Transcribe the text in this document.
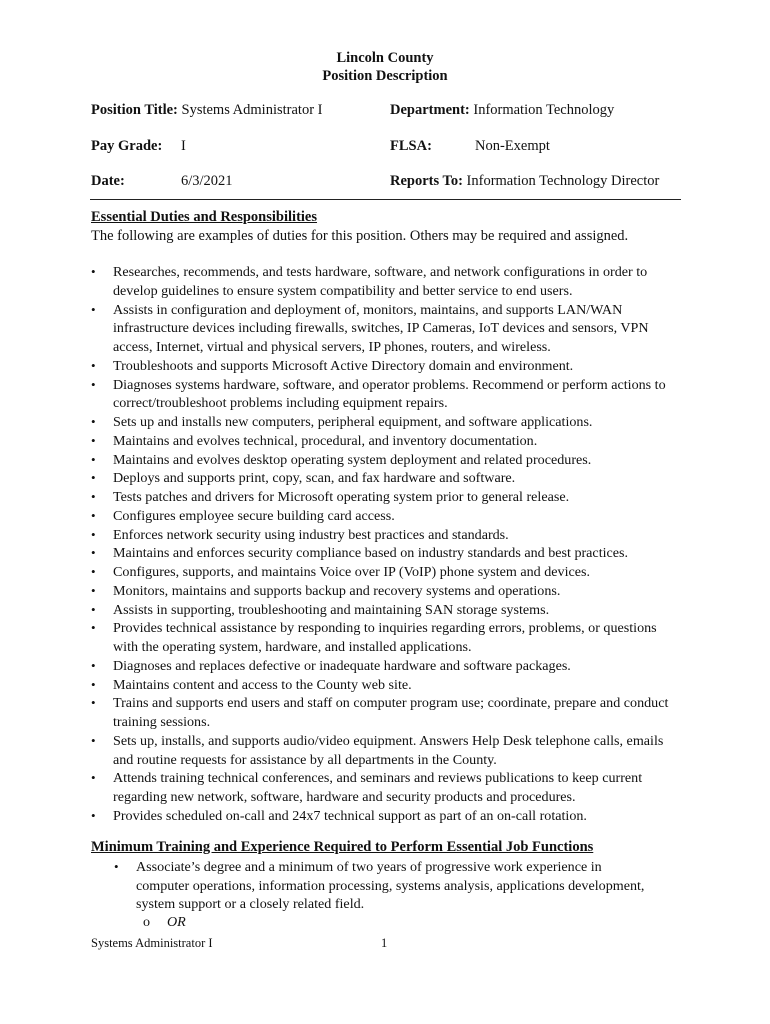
Lincoln County
Position Description
Position Title: Systems Administrator I	Department: Information Technology
Pay Grade: I	FLSA:	Non-Exempt
Date:	6/3/2021	Reports To: Information Technology Director
Essential Duties and Responsibilities
The following are examples of duties for this position. Others may be required and assigned.
• Researches, recommends, and tests hardware, software, and network configurations in order to develop guidelines to ensure system compatibility and better service to end users.
• Assists in configuration and deployment of, monitors, maintains, and supports LAN/WAN infrastructure devices including firewalls, switches, IP Cameras, IoT devices and sensors, VPN access, Internet, virtual and physical servers, IP phones, routers, and wireless.
• Troubleshoots and supports Microsoft Active Directory domain and environment.
• Diagnoses systems hardware, software, and operator problems. Recommend or perform actions to correct/troubleshoot problems including equipment repairs.
• Sets up and installs new computers, peripheral equipment, and software applications.
• Maintains and evolves technical, procedural, and inventory documentation.
• Maintains and evolves desktop operating system deployment and related procedures.
• Deploys and supports print, copy, scan, and fax hardware and software.
• Tests patches and drivers for Microsoft operating system prior to general release.
• Configures employee secure building card access.
• Enforces network security using industry best practices and standards.
• Maintains and enforces security compliance based on industry standards and best practices.
• Configures, supports, and maintains Voice over IP (VoIP) phone system and devices.
• Monitors, maintains and supports backup and recovery systems and operations.
• Assists in supporting, troubleshooting and maintaining SAN storage systems.
• Provides technical assistance by responding to inquiries regarding errors, problems, or questions with the operating system, hardware, and installed applications.
• Diagnoses and replaces defective or inadequate hardware and software packages.
• Maintains content and access to the County web site.
• Trains and supports end users and staff on computer program use; coordinate, prepare and conduct training sessions.
• Sets up, installs, and supports audio/video equipment. Answers Help Desk telephone calls, emails and routine requests for assistance by all departments in the County.
• Attends training technical conferences, and seminars and reviews publications to keep current regarding new network, software, hardware and security products and procedures.
• Provides scheduled on-call and 24x7 technical support as part of an on-call rotation.
Minimum Training and Experience Required to Perform Essential Job Functions
• Associate’s degree and a minimum of two years of progressive work experience in computer operations, information processing, systems analysis, applications development, system support or a closely related field.
o OR
Systems Administrator I	1
